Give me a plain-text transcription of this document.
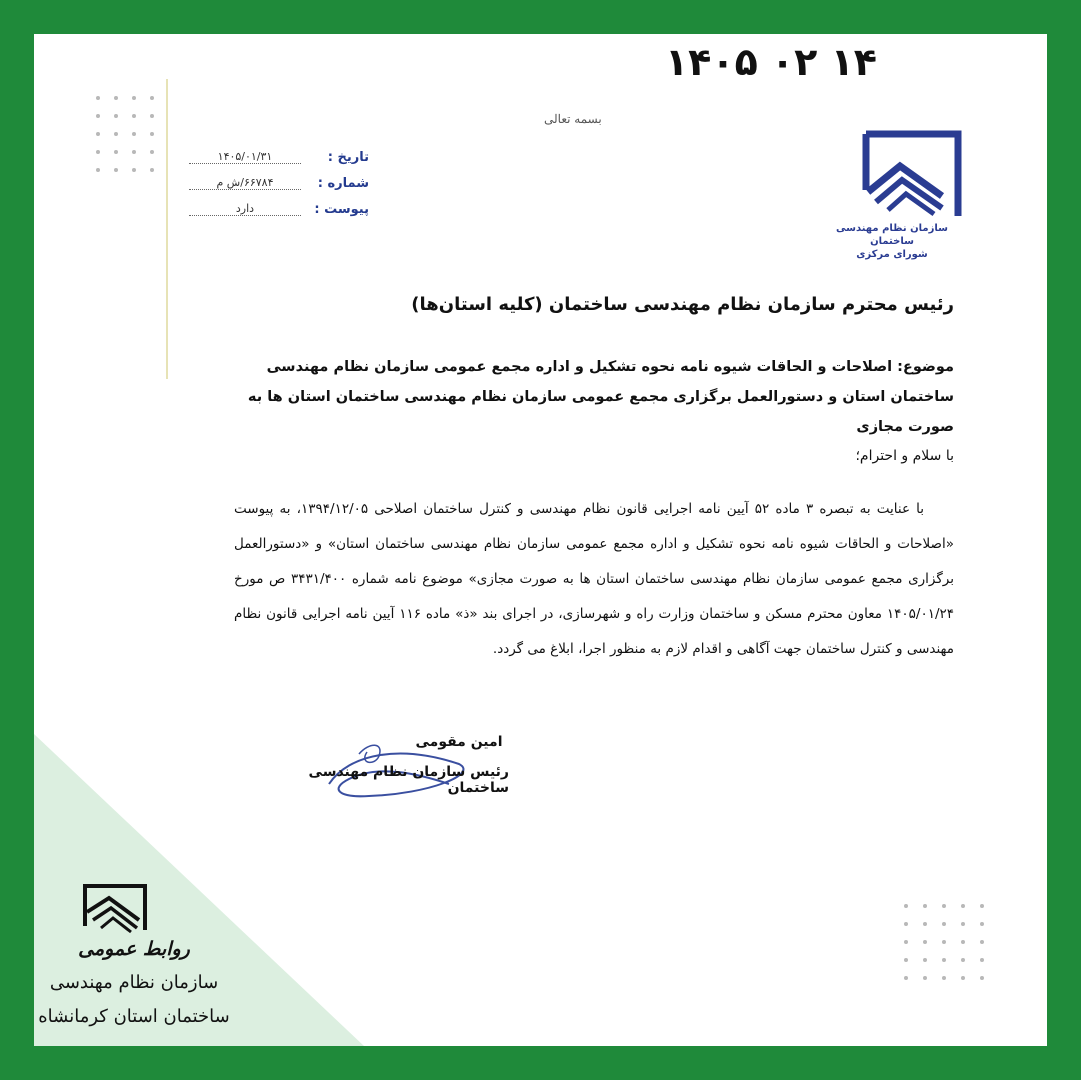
۱۴۰۵ ۰۲ ۱۴
بسمه تعالی
سازمان نظام مهندسی ساختمان
شورای مرکزی
تاریخ :
۱۴۰۵/۰۱/۳۱
شماره :
۶۶۷۸۴/ش م
پیوست :
دارد
رئیس محترم سازمان نظام مهندسی ساختمان (کلیه استان‌ها)
موضوع: اصلاحات و الحاقات شیوه نامه نحوه تشکیل و اداره مجمع عمومی سازمان نظام مهندسی ساختمان استان و دستورالعمل برگزاری مجمع عمومی سازمان نظام مهندسی ساختمان استان ها به صورت مجازی
با سلام و احترام؛
با عنایت به تبصره ۳ ماده ۵۲ آیین نامه اجرایی قانون نظام مهندسی و کنترل ساختمان اصلاحی ۱۳۹۴/۱۲/۰۵، به پیوست «اصلاحات و الحاقات شیوه نامه نحوه تشکیل و اداره مجمع عمومی سازمان نظام مهندسی ساختمان استان» و «دستورالعمل برگزاری مجمع عمومی سازمان نظام مهندسی ساختمان استان ها به صورت مجازی» موضوع نامه شماره ۳۴۳۱/۴۰۰ ص مورخ ۱۴۰۵/۰۱/۲۴ معاون محترم مسکن و ساختمان وزارت راه و شهرسازی، در اجرای بند «ذ» ماده ۱۱۶ آیین نامه اجرایی قانون نظام مهندسی و کنترل ساختمان جهت آگاهی و اقدام لازم به منظور اجرا، ابلاغ می گردد.
امین مقومی
رئیس سازمان نظام مهندسی ساختمان
روابط عمومی
سازمان نظام مهندسی
ساختمان استان کرمانشاه
